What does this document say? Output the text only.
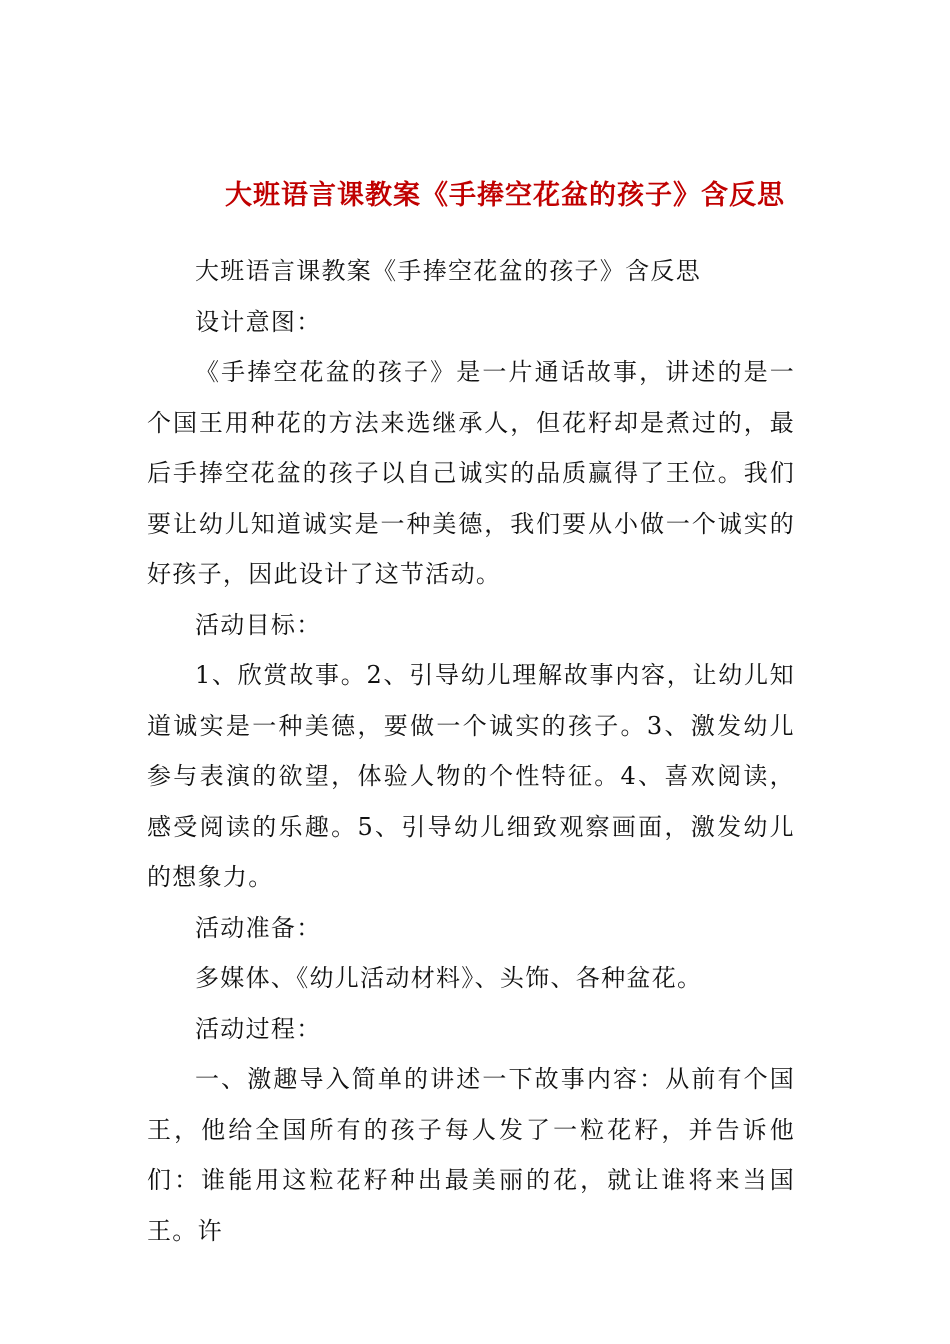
大班语言课教案《手捧空花盆的孩子》含反思

大班语言课教案《手捧空花盆的孩子》含反思

设计意图：

《手捧空花盆的孩子》是一片通话故事，讲述的是一个国王用种花的方法来选继承人，但花籽却是煮过的，最后手捧空花盆的孩子以自己诚实的品质赢得了王位。我们要让幼儿知道诚实是一种美德，我们要从小做一个诚实的好孩子，因此设计了这节活动。

活动目标：

1、欣赏故事。2、引导幼儿理解故事内容，让幼儿知道诚实是一种美德，要做一个诚实的孩子。3、激发幼儿参与表演的欲望，体验人物的个性特征。4、喜欢阅读，感受阅读的乐趣。5、引导幼儿细致观察画面，激发幼儿的想象力。

活动准备：

多媒体、《幼儿活动材料》、头饰、各种盆花。

活动过程：

一、激趣导入简单的讲述一下故事内容：从前有个国王，他给全国所有的孩子每人发了一粒花籽，并告诉他们：谁能用这粒花籽种出最美丽的花，就让谁将来当国王。许
